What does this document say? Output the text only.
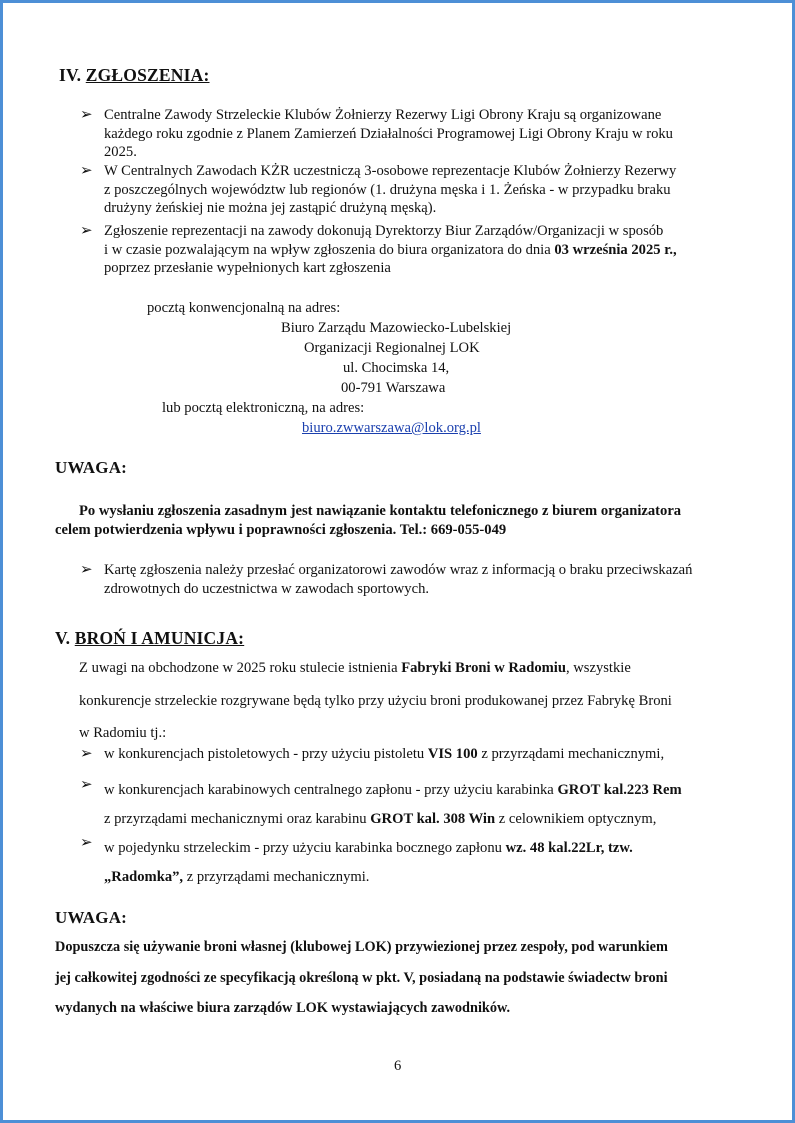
IV. ZGŁOSZENIA:
➢ Centralne Zawody Strzeleckie Klubów Żołnierzy Rezerwy Ligi Obrony Kraju są organizowane
każdego roku zgodnie z Planem Zamierzeń Działalności Programowej Ligi Obrony Kraju w roku
2025.
➢ W Centralnych Zawodach KŻR uczestniczą 3-osobowe reprezentacje Klubów Żołnierzy Rezerwy
z poszczególnych województw lub regionów (1. drużyna męska i 1. Żeńska - w przypadku braku
drużyny żeńskiej nie można jej zastąpić drużyną męską).
➢ Zgłoszenie reprezentacji na zawody dokonują Dyrektorzy Biur Zarządów/Organizacji w sposób
i w czasie pozwalającym na wpływ zgłoszenia do biura organizatora do dnia 03 września 2025 r.,
poprzez przesłanie wypełnionych kart zgłoszenia
pocztą konwencjonalną na adres:
Biuro Zarządu Mazowiecko-Lubelskiej
Organizacji Regionalnej LOK
ul. Chocimska 14,
00-791 Warszawa
lub pocztą elektroniczną, na adres:
biuro.zwwarszawa@lok.org.pl
UWAGA:
Po wysłaniu zgłoszenia zasadnym jest nawiązanie kontaktu telefonicznego z biurem organizatora
celem potwierdzenia wpływu i poprawności zgłoszenia. Tel.: 669-055-049
➢ Kartę zgłoszenia należy przesłać organizatorowi zawodów wraz z informacją o braku przeciwskazań
zdrowotnych do uczestnictwa w zawodach sportowych.
V. BROŃ I AMUNICJA:
Z uwagi na obchodzone w 2025 roku stulecie istnienia Fabryki Broni w Radomiu, wszystkie
konkurencje strzeleckie rozgrywane będą tylko przy użyciu broni produkowanej przez Fabrykę Broni
w Radomiu tj.:
➢ w konkurencjach pistoletowych - przy użyciu pistoletu VIS 100 z przyrządami mechanicznymi,
➢ w konkurencjach karabinowych centralnego zapłonu - przy użyciu karabinka GROT kal.223 Rem
z przyrządami mechanicznymi oraz karabinu GROT kal. 308 Win z celownikiem optycznym,
➢ w pojedynku strzeleckim - przy użyciu karabinka bocznego zapłonu wz. 48 kal.22Lr, tzw.
„Radomka”, z przyrządami mechanicznymi.
UWAGA:
Dopuszcza się używanie broni własnej (klubowej LOK) przywiezionej przez zespoły, pod warunkiem
jej całkowitej zgodności ze specyfikacją określoną w pkt. V, posiadaną na podstawie świadectw broni
wydanych na właściwe biura zarządów LOK wystawiających zawodników.
6
